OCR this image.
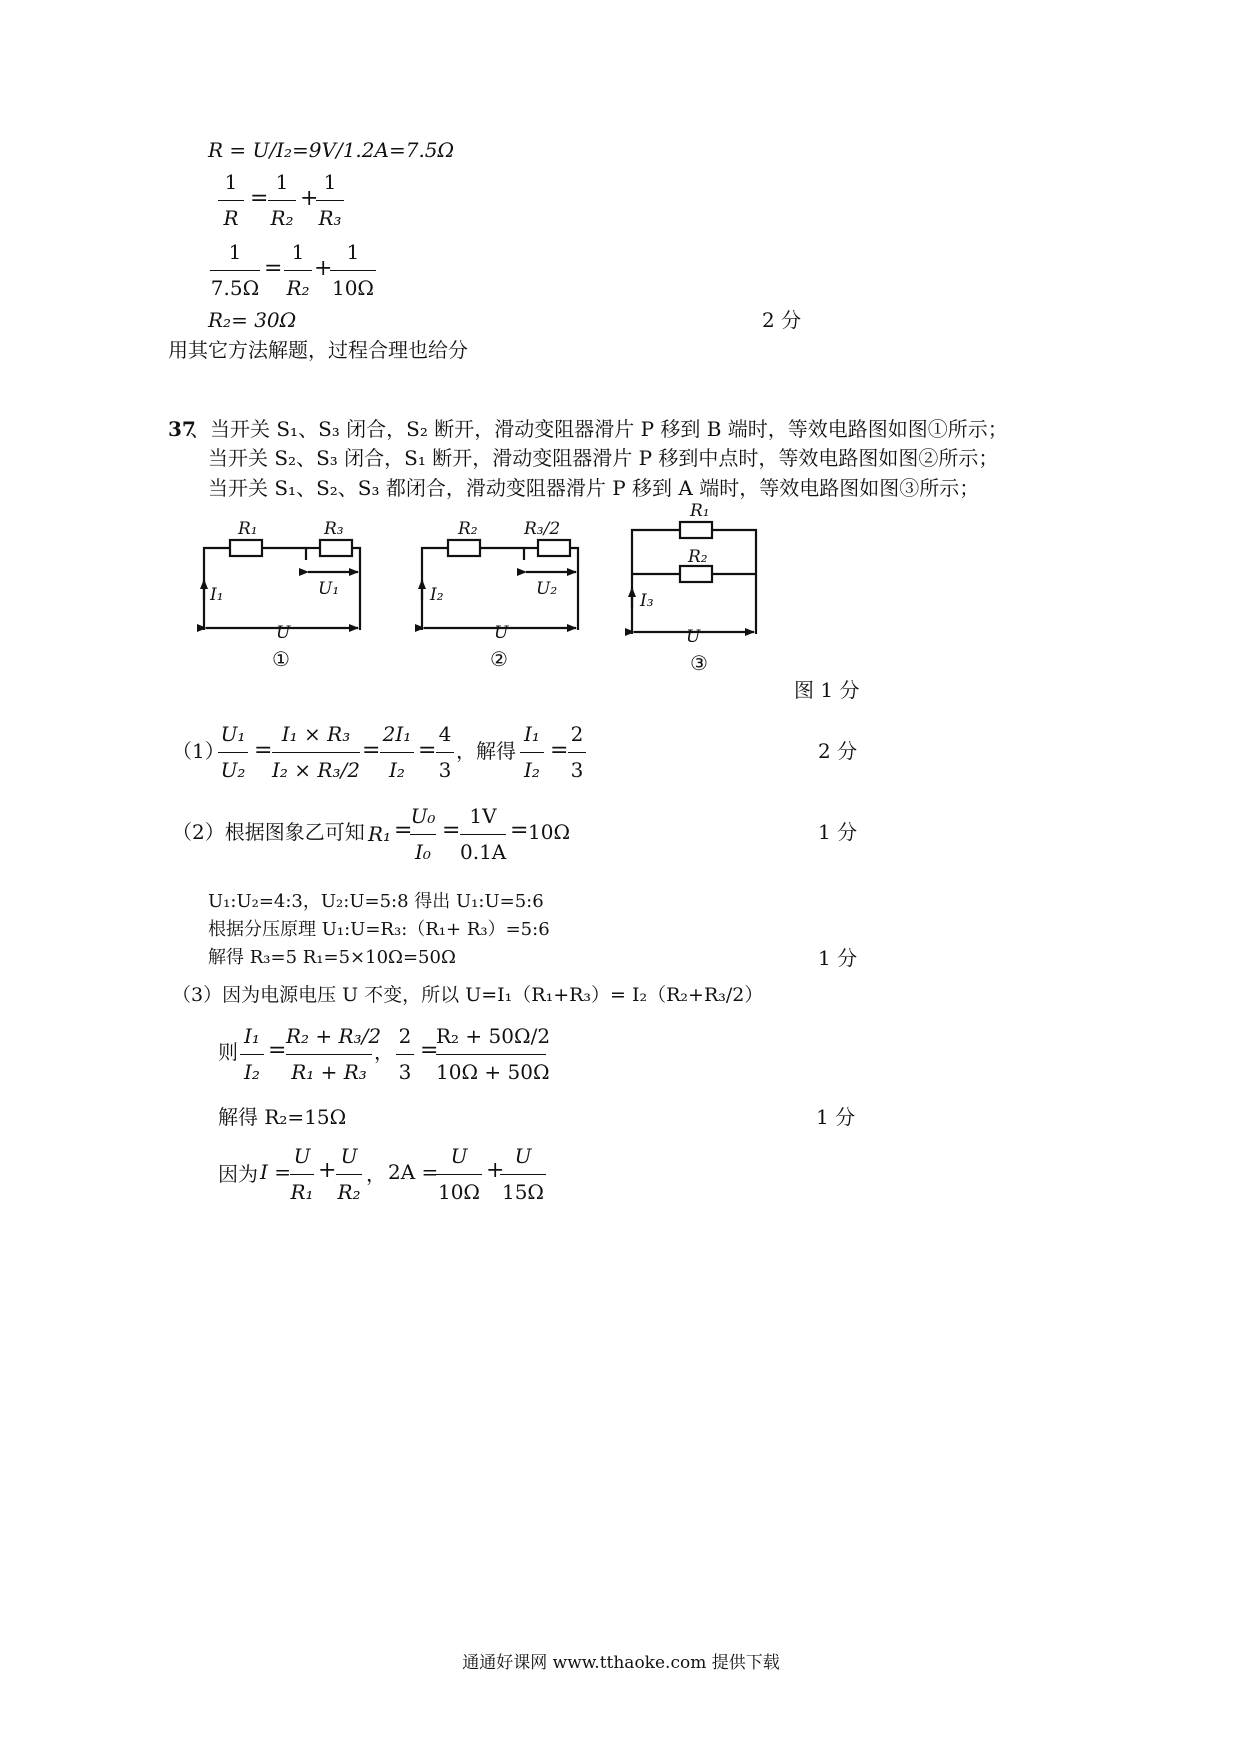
R = U/I₂=9V/1.2A=7.5Ω
1
R
=
1
R₂
+
1
R₃
1
7.5Ω
=
1
R₂
+
1
10Ω
R₂= 30Ω	2 分
用其它方法解题，过程合理也给分
37
、当开关 S₁、S₃ 闭合，S₂ 断开，滑动变阻器滑片 P 移到 B 端时，等效电路图如图①所示；
当开关 S₂、S₃ 闭合，S₁ 断开，滑动变阻器滑片 P 移到中点时，等效电路图如图②所示；
当开关 S₁、S₂、S₃ 都闭合，滑动变阻器滑片 P 移到 A 端时，等效电路图如图③所示；
R₁	R₃
I₁	U₁
U
R₂	R₃/2
I₂	U₂
U
R₁
R₂
I₃
U
①	②	③
图 1 分
（1）
U₁
U₂
=
I₁ × R₃
I₂ × R₃/2
=
2I₁
I₂
=
4
3
，解得
I₁
I₂
=
2
3
2 分
（2）根据图象乙可知 R₁ =
U₀
I₀
=
1V
0.1A
= 10Ω	1 分
U₁:U₂=4:3，U₂:U=5:8 得出 U₁:U=5:6
根据分压原理 U₁:U=R₃:（R₁+ R₃）=5:6
解得 R₃=5 R₁=5×10Ω=50Ω	1 分
（3）因为电源电压 U 不变，所以 U=I₁（R₁+R₃）= I₂（R₂+R₃/2）
则
I₁
I₂
=
R₂ + R₃/2
R₁ + R₃
，
2
3
=
R₂ + 50Ω/2
10Ω + 50Ω
解得 R₂=15Ω	1 分
因为 I =
U
R₁
+
U
R₂
， 2A =
U
10Ω
+
U
15Ω
通通好课网 www.tthaoke.com 提供下载
